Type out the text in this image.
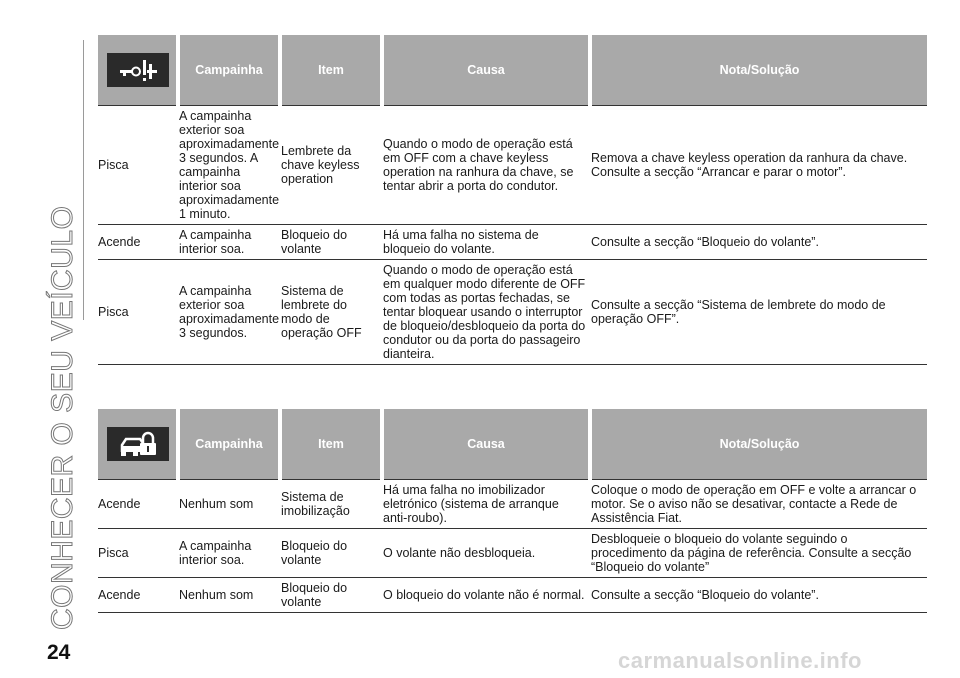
CONHECER O SEU VEÍCULO
	Campainha	Item	Causa	Nota/Solução
Pisca	A campainha exterior soa aproximadamente 3 segundos. A campainha interior soa aproximadamente 1 minuto.	Lembrete da chave keyless operation	Quando o modo de operação está em OFF com a chave keyless operation na ranhura da chave, se tentar abrir a porta do condutor.	Remova a chave keyless operation da ranhura da chave. Consulte a secção “Arrancar e parar o motor”.
Acende	A campainha interior soa.	Bloqueio do volante	Há uma falha no sistema de bloqueio do volante.	Consulte a secção “Bloqueio do volante”.
Pisca	A campainha exterior soa aproximadamente 3 segundos.	Sistema de lembrete do modo de operação OFF	Quando o modo de operação está em qualquer modo diferente de OFF com todas as portas fechadas, se tentar bloquear usando o interruptor de bloqueio/desbloqueio da porta do condutor ou da porta do passageiro dianteira.	Consulte a secção “Sistema de lembrete do modo de operação OFF”.
	Campainha	Item	Causa	Nota/Solução
Acende	Nenhum som	Sistema de imobilização	Há uma falha no imobilizador eletrónico (sistema de arranque anti-roubo).	Coloque o modo de operação em OFF e volte a arrancar o motor. Se o aviso não se desativar, contacte a Rede de Assistência Fiat.
Pisca	A campainha interior soa.	Bloqueio do volante	O volante não desbloqueia.	Desbloqueie o bloqueio do volante seguindo o procedimento da página de referência. Consulte a secção “Bloqueio do volante”
Acende	Nenhum som	Bloqueio do volante	O bloqueio do volante não é normal.	Consulte a secção “Bloqueio do volante”.
24	carmanualsonline.info
